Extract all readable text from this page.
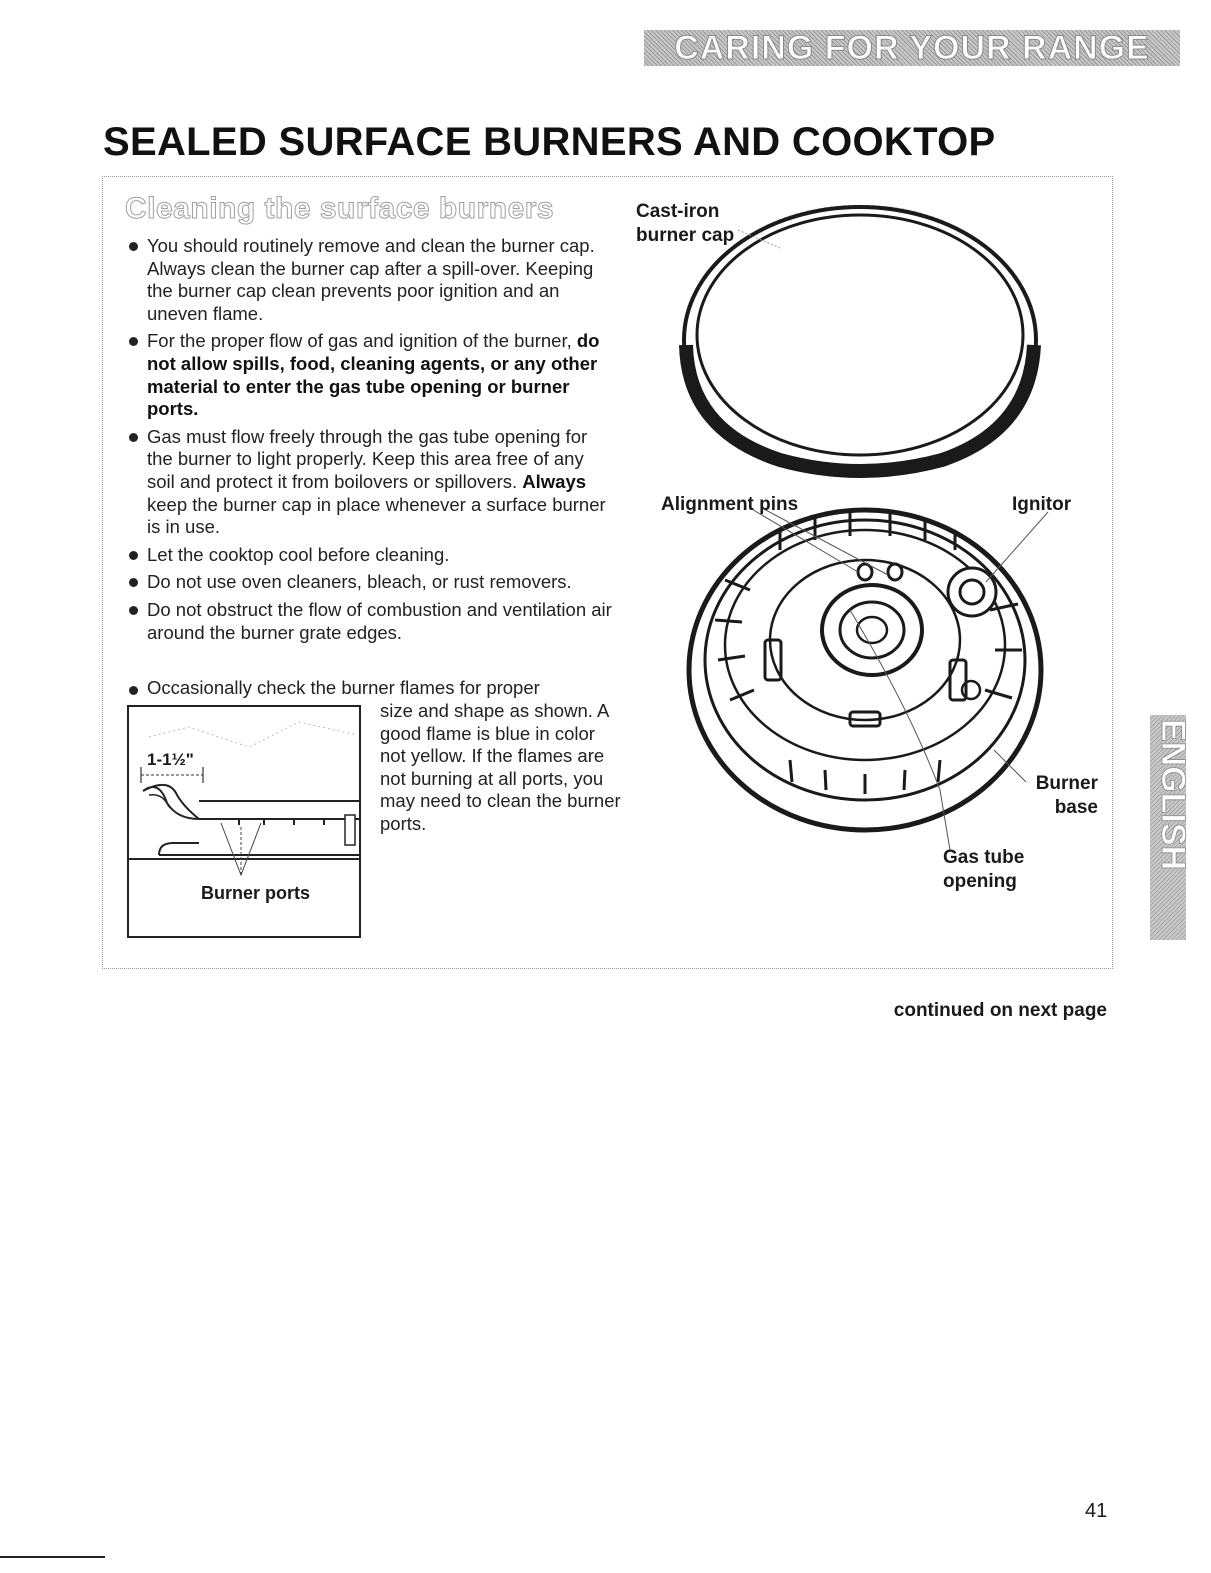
CARING FOR YOUR RANGE
SEALED SURFACE BURNERS AND COOKTOP
Cleaning the surface burners
You should routinely remove and clean the burner cap. Always clean the burner cap after a spill-over. Keeping the burner cap clean prevents poor ignition and an uneven flame.
For the proper flow of gas and ignition of the burner, do not allow spills, food, cleaning agents, or any other material to enter the gas tube opening or burner ports.
Gas must flow freely through the gas tube opening for the burner to light properly. Keep this area free of any soil and protect it from boilovers or spillovers. Always keep the burner cap in place whenever a surface burner is in use.
Let the cooktop cool before cleaning.
Do not use oven cleaners, bleach, or rust removers.
Do not obstruct the flow of combustion and ventilation air around the burner grate edges.
Occasionally check the burner flames for proper
size and shape as shown. A good flame is blue in color not yellow. If the flames are not burning at all ports, you may need to clean the burner ports.
1-1½"
Burner ports
Cast-iron
burner cap
Alignment pins	Ignitor
Burner
base
Gas tube
opening
continued on next page
ENGLISH
41
